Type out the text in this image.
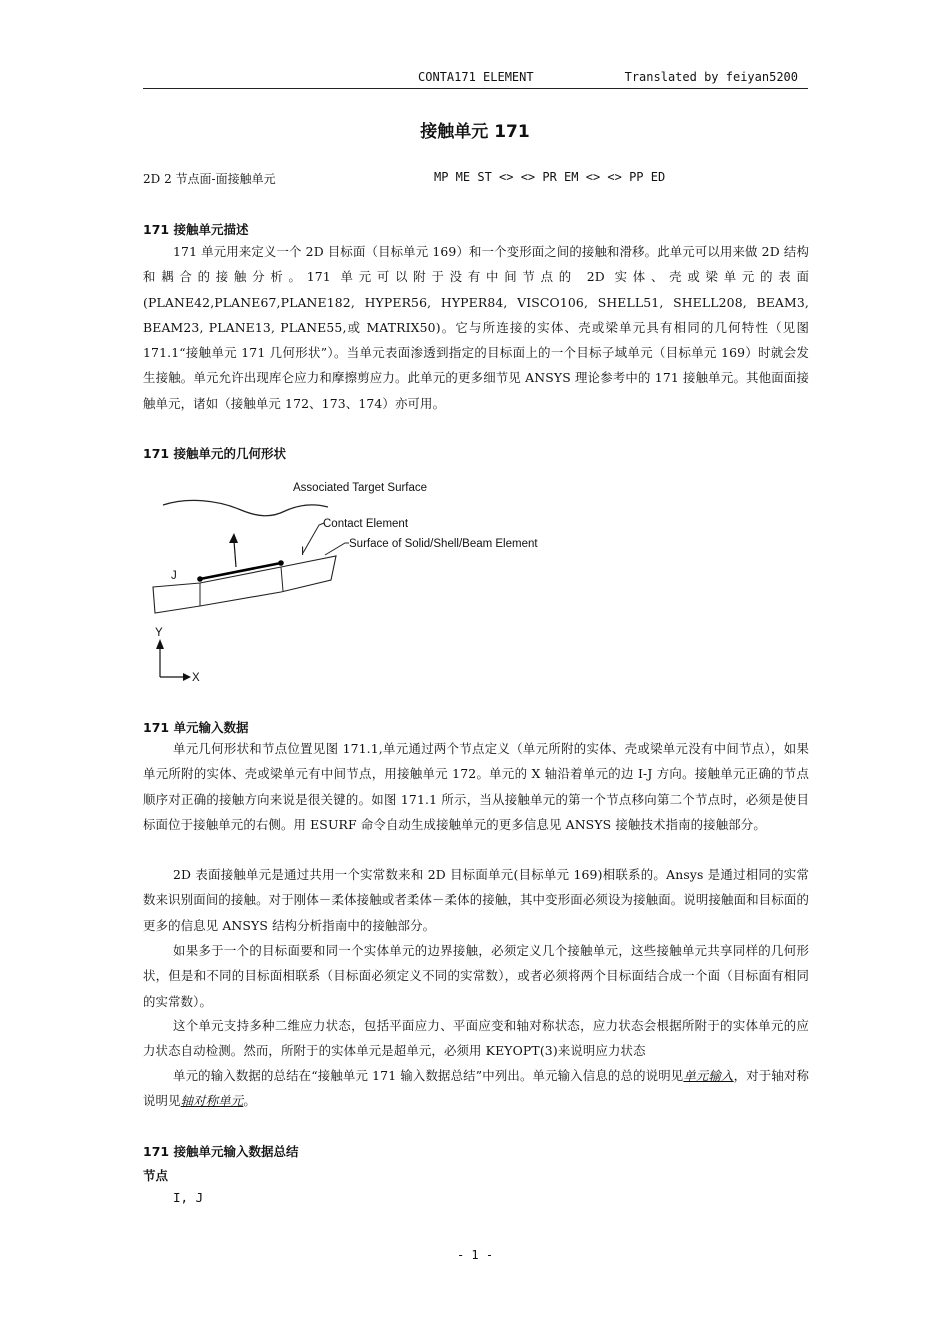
CONTA171 ELEMENT	Translated by feiyan5200
接触单元 171
2D 2 节点面-面接触单元	MP ME ST <> <> PR EM <> <> PP ED
171 接触单元描述

171 单元用来定义一个 2D 目标面（目标单元 169）和一个变形面之间的接触和滑移。此单元可以用来做 2D 结构和耦合的接触分析。171 单元可以附于没有中间节点的 2D 实体、壳或梁单元的表面(PLANE42,PLANE67,PLANE182, HYPER56, HYPER84, VISCO106, SHELL51, SHELL208, BEAM3, BEAM23, PLANE13, PLANE55,或 MATRIX50)。它与所连接的实体、壳或梁单元具有相同的几何特性（见图 171.1“接触单元 171 几何形状”）。当单元表面渗透到指定的目标面上的一个目标子域单元（目标单元 169）时就会发生接触。单元允许出现库仑应力和摩擦剪应力。此单元的更多细节见 ANSYS 理论参考中的 171 接触单元。其他面面接触单元，诸如（接触单元 172、173、174）亦可用。

171 接触单元的几何形状
Associated Target Surface
J
I
Contact Element
Surface of Solid/Shell/Beam Element
Y
X
171 单元输入数据

单元几何形状和节点位置见图 171.1,单元通过两个节点定义（单元所附的实体、壳或梁单元没有中间节点），如果单元所附的实体、壳或梁单元有中间节点，用接触单元 172。单元的 X 轴沿着单元的边 I-J 方向。接触单元正确的节点顺序对正确的接触方向来说是很关键的。如图 171.1 所示，当从接触单元的第一个节点移向第二个节点时，必须是使目标面位于接触单元的右侧。用 ESURF 命令自动生成接触单元的更多信息见 ANSYS 接触技术指南的接触部分。

2D 表面接触单元是通过共用一个实常数来和 2D 目标面单元(目标单元 169)相联系的。Ansys 是通过相同的实常数来识别面间的接触。对于刚体－柔体接触或者柔体－柔体的接触，其中变形面必须设为接触面。说明接触面和目标面的更多的信息见 ANSYS 结构分析指南中的接触部分。

如果多于一个的目标面要和同一个实体单元的边界接触，必须定义几个接触单元，这些接触单元共享同样的几何形状，但是和不同的目标面相联系（目标面必须定义不同的实常数），或者必须将两个目标面结合成一个面（目标面有相同的实常数）。

这个单元支持多种二维应力状态，包括平面应力、平面应变和轴对称状态，应力状态会根据所附于的实体单元的应力状态自动检测。然而，所附于的实体单元是超单元，必须用 KEYOPT(3)来说明应力状态

单元的输入数据的总结在“接触单元 171 输入数据总结”中列出。单元输入信息的总的说明见单元输入，对于轴对称说明见轴对称单元。

171 接触单元输入数据总结
节点
I, J
- 1 -
